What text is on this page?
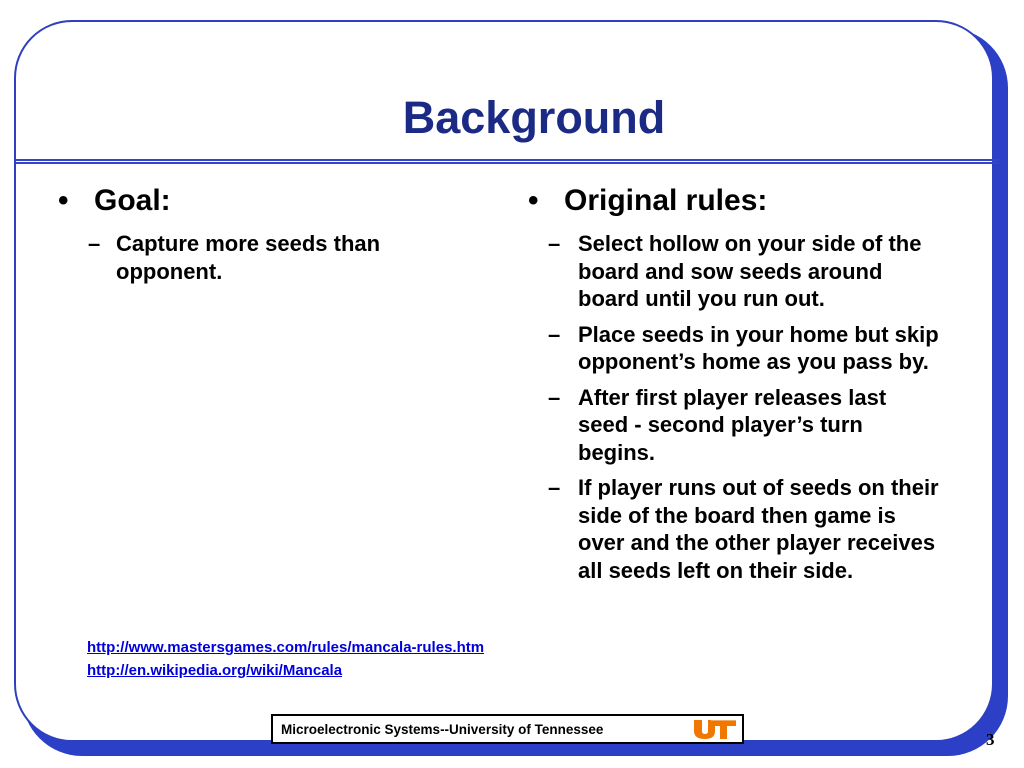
Background
• Goal:
– Capture more seeds than opponent.
• Original rules:
– Select hollow on your side of the board and sow seeds around board until you run out.
– Place seeds in your home but skip opponent’s home as you pass by.
– After first player releases last seed - second player’s turn begins.
– If player runs out of seeds on their side of the board then game is over and the other player receives all seeds left on their side.
http://www.mastersgames.com/rules/mancala-rules.htm
http://en.wikipedia.org/wiki/Mancala
Microelectronic Systems--University of Tennessee
3
